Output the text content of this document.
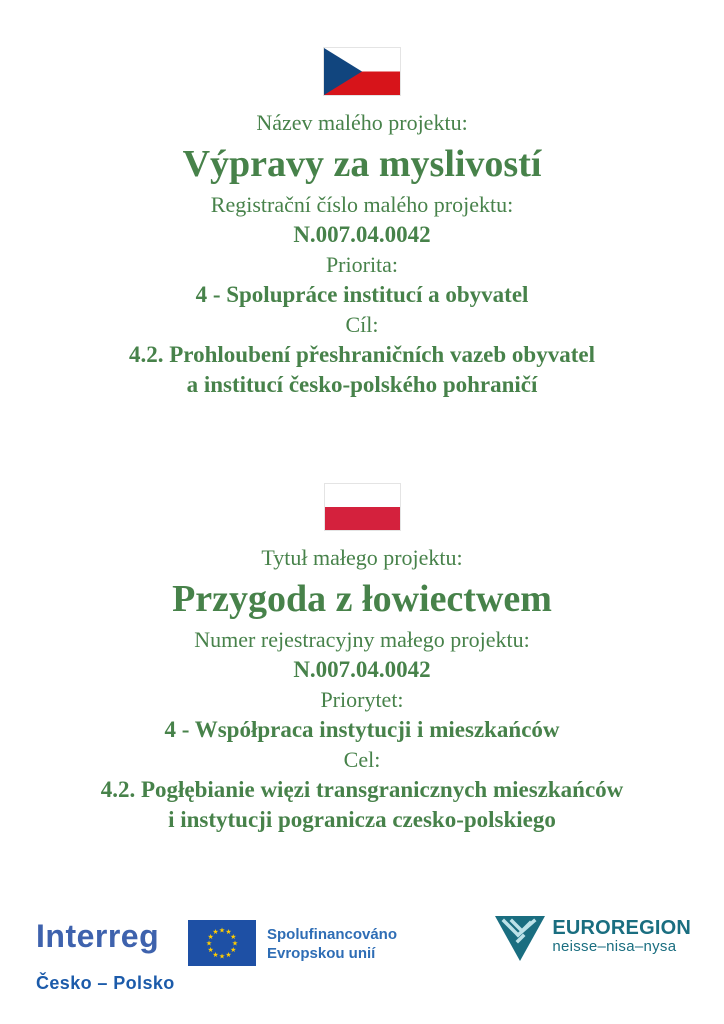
Název malého projektu:
Výpravy za myslivostí
Registrační číslo malého projektu:
N.007.04.0042
Priorita:
4 - Spolupráce institucí a obyvatel
Cíl:
4.2. Prohloubení přeshraničních vazeb obyvatel
a institucí česko-polského pohraničí
Tytuł małego projektu:
Przygoda z łowiectwem
Numer rejestracyjny małego projektu:
N.007.04.0042
Priorytet:
4 - Współpraca instytucji i mieszkańców
Cel:
4.2. Pogłębianie więzi transgranicznych mieszkańców
i instytucji pogranicza czesko-polskiego
Interreg
Česko – Polsko
★ ★
★
★
★
★
★
★
★
★
★
★	Spolufinancováno
Evropskou unií
EUROREGION
neisse–nisa–nysa
